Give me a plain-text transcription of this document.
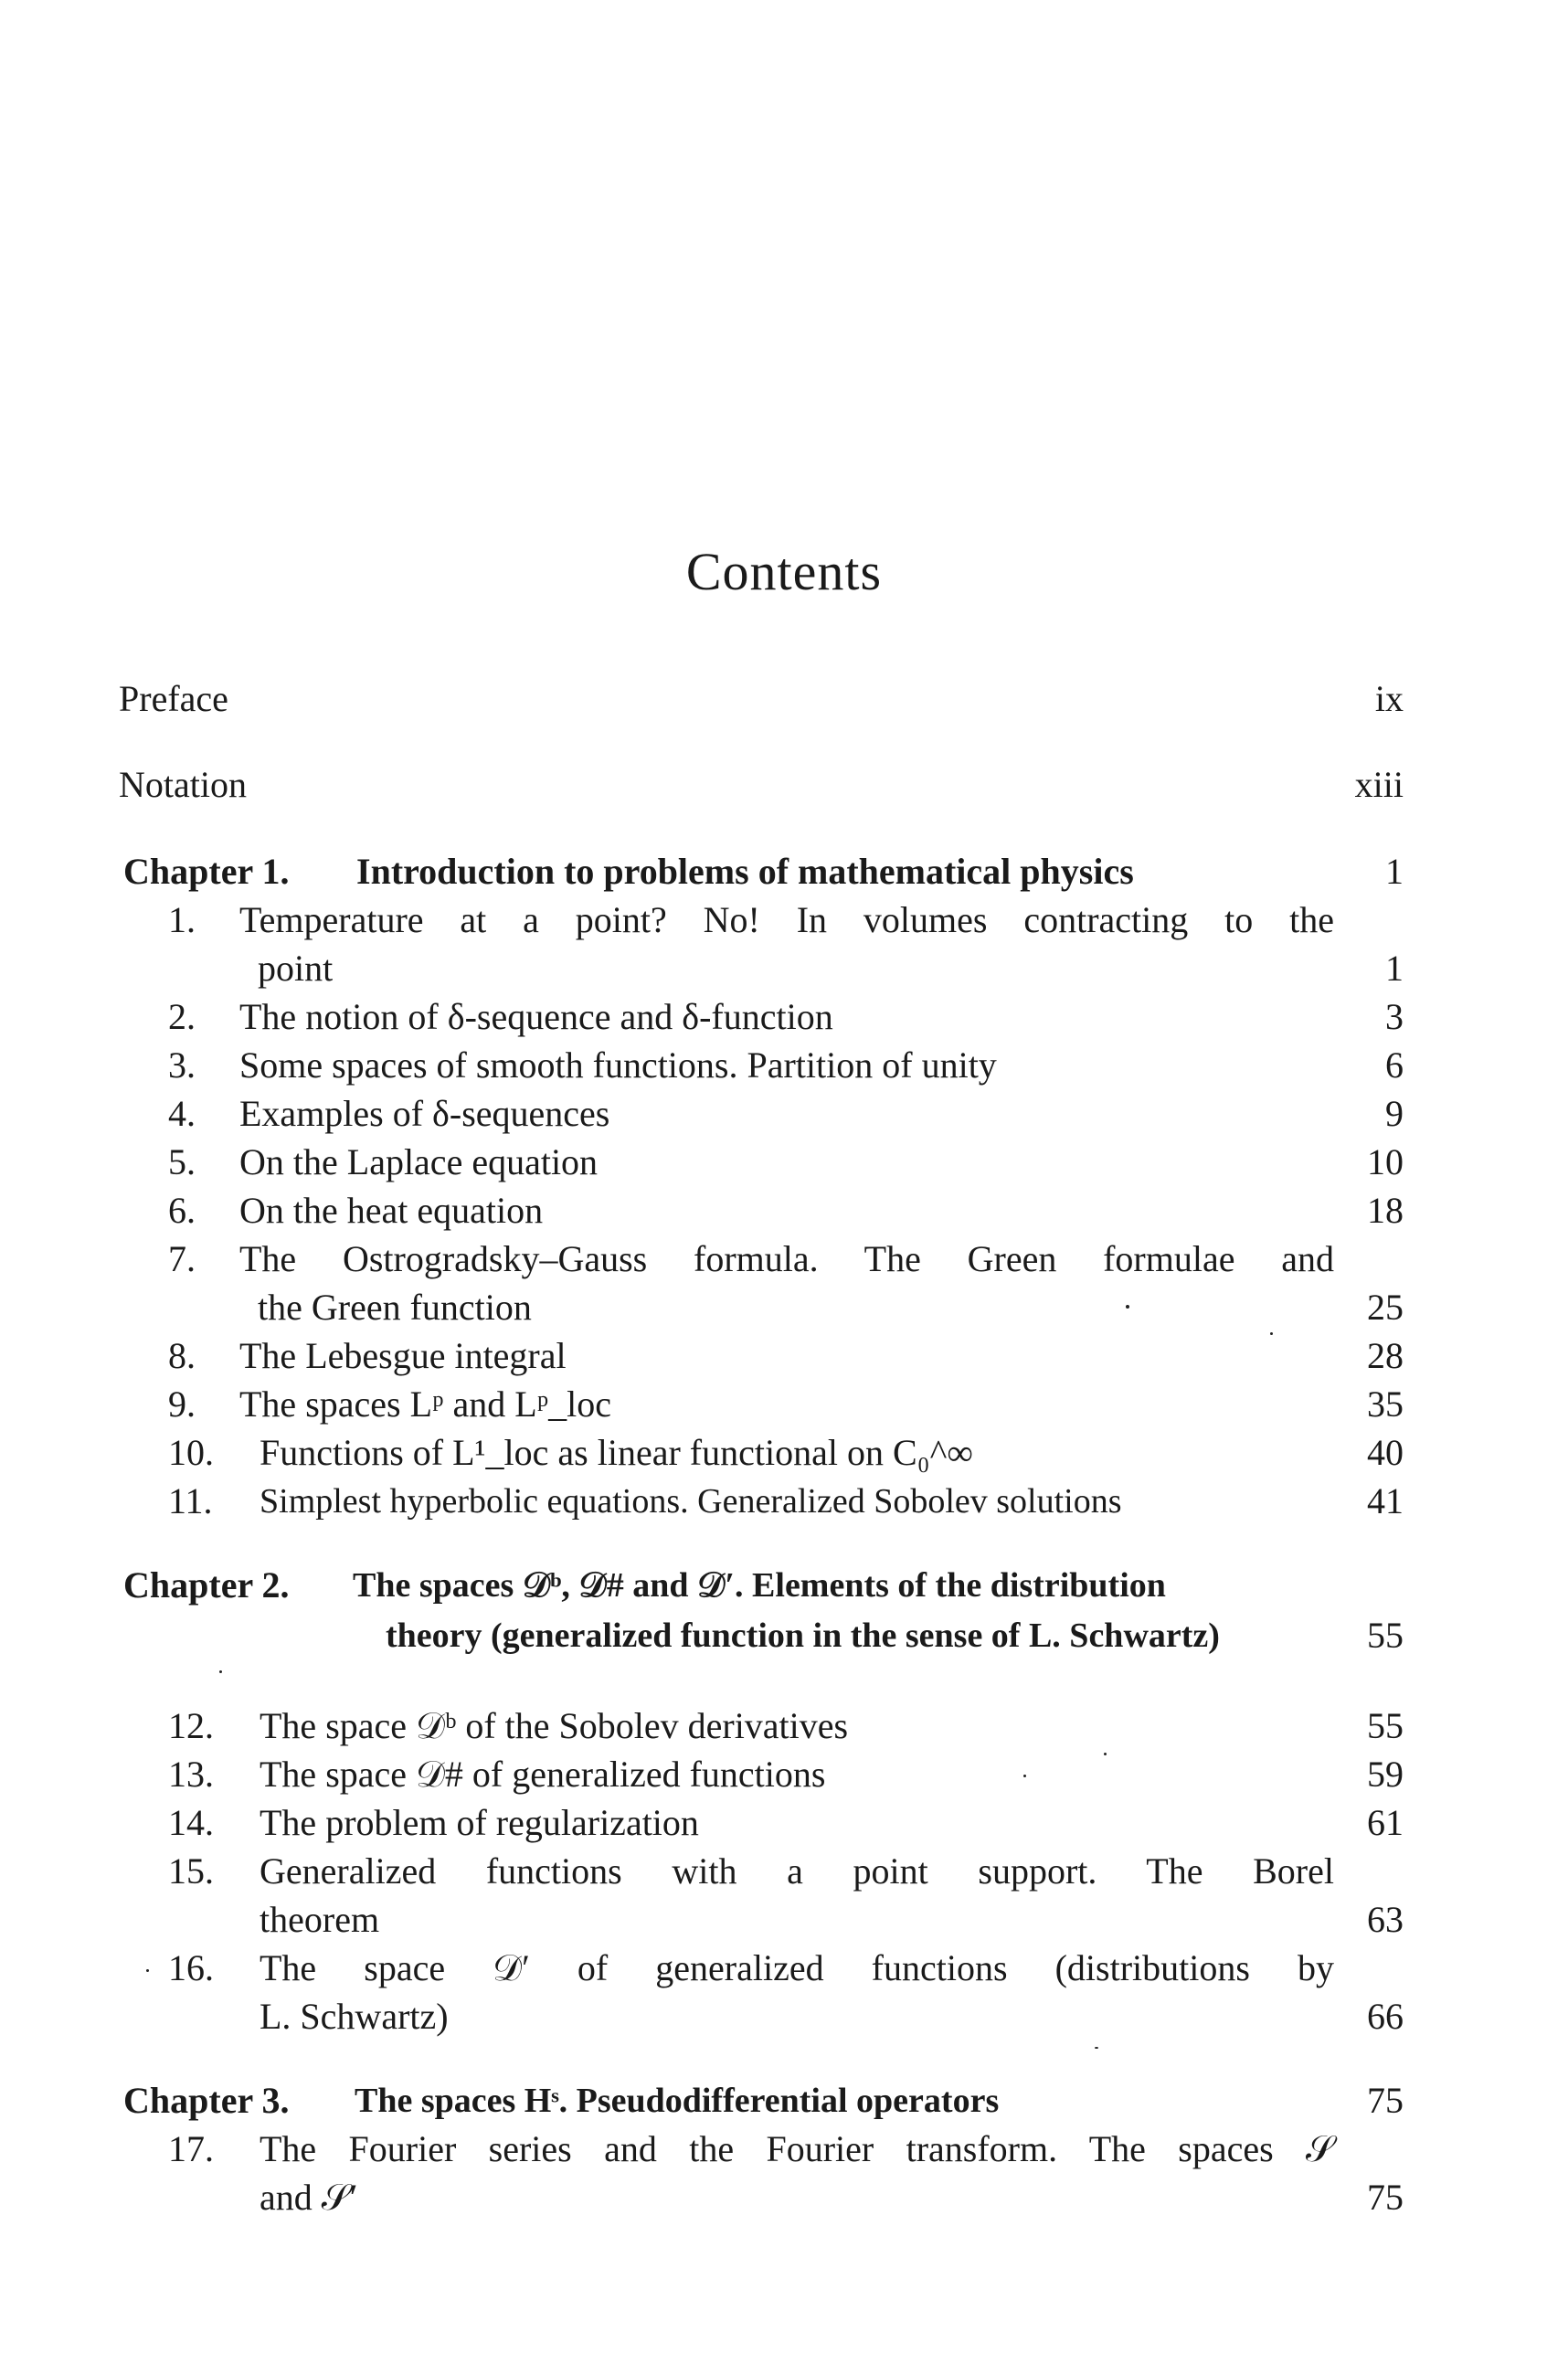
Contents
Preface	ix
Notation	xiii
Chapter 1. Introduction to problems of mathematical physics	1
1.	Temperature at a point? No! In volumes contracting to the
point	1
2.	The notion of δ-sequence and δ-function	3
3.	Some spaces of smooth functions. Partition of unity	6
4.	Examples of δ-sequences	9
5.	On the Laplace equation	10
6.	On the heat equation	18
7.	The Ostrogradsky–Gauss formula. The Green formulae and
the Green function	25
8.	The Lebesgue integral	28
9.	The spaces Lᵖ and Lᵖ_loc	35
10.	Functions of L¹_loc as linear functional on C₀^∞	40
11.	Simplest hyperbolic equations. Generalized Sobolev solutions	41
Chapter 2. The spaces 𝒟ᵇ, 𝒟# and 𝒟′. Elements of the distribution
theory (generalized function in the sense of L. Schwartz)	55
12.	The space 𝒟ᵇ of the Sobolev derivatives	55
13.	The space 𝒟# of generalized functions	59
14.	The problem of regularization	61
15.	Generalized functions with a point support. The Borel
theorem	63
16.	The space 𝒟′ of generalized functions (distributions by
L. Schwartz)	66
Chapter 3. The spaces Hˢ. Pseudodifferential operators	75
17.	The Fourier series and the Fourier transform. The spaces 𝒮
and 𝒮′	75
